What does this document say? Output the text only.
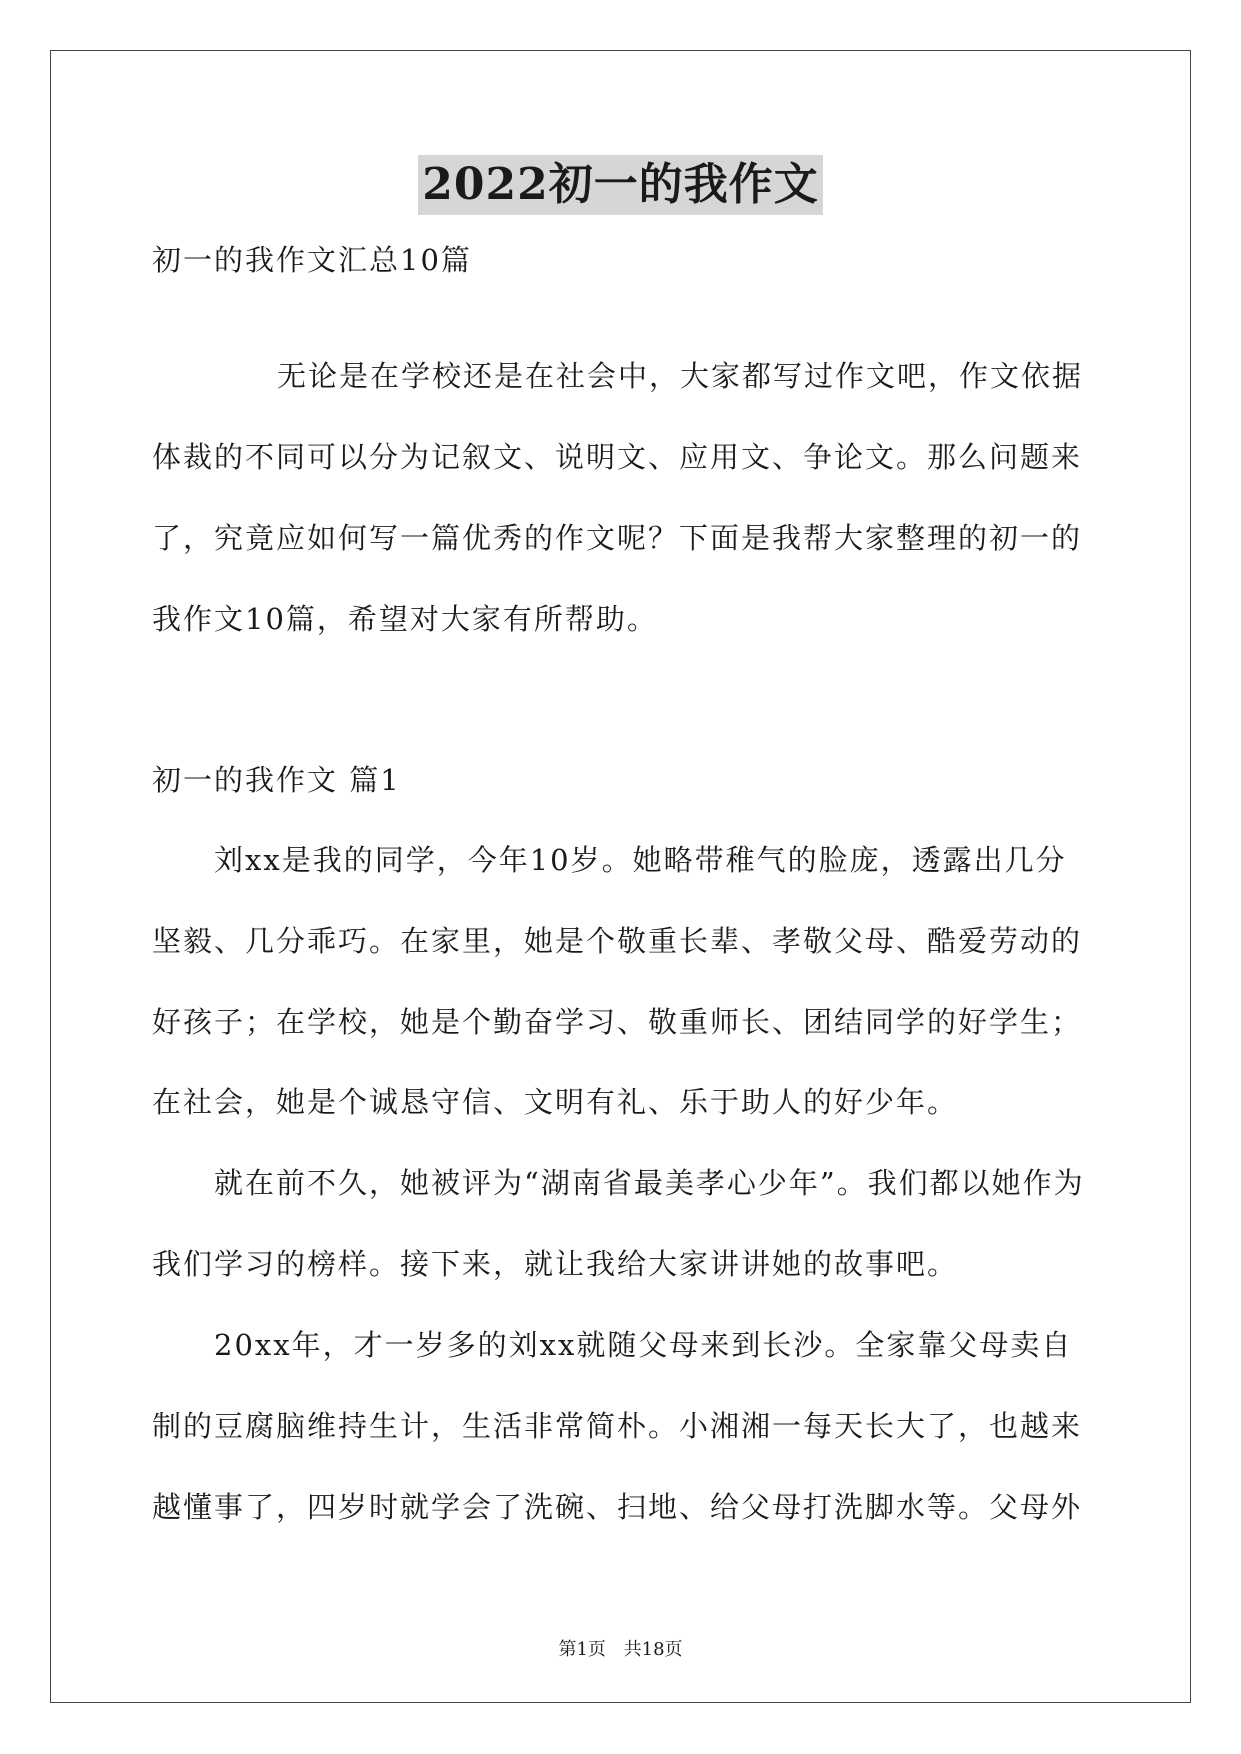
2022初一的我作文
初一的我作文汇总10篇
无论是在学校还是在社会中，大家都写过作文吧，作文依据
体裁的不同可以分为记叙文、说明文、应用文、争论文。那么问题来
了，究竟应如何写一篇优秀的作文呢？下面是我帮大家整理的初一的
我作文10篇，希望对大家有所帮助。
初一的我作文 篇1
刘xx是我的同学，今年10岁。她略带稚气的脸庞，透露出几分
坚毅、几分乖巧。在家里，她是个敬重长辈、孝敬父母、酷爱劳动的
好孩子；在学校，她是个勤奋学习、敬重师长、团结同学的好学生；
在社会，她是个诚恳守信、文明有礼、乐于助人的好少年。
就在前不久，她被评为“湖南省最美孝心少年”。我们都以她作为
我们学习的榜样。接下来，就让我给大家讲讲她的故事吧。
20xx年，才一岁多的刘xx就随父母来到长沙。全家靠父母卖自
制的豆腐脑维持生计，生活非常简朴。小湘湘一每天长大了，也越来
越懂事了，四岁时就学会了洗碗、扫地、给父母打洗脚水等。父母外
第1页 共18页
